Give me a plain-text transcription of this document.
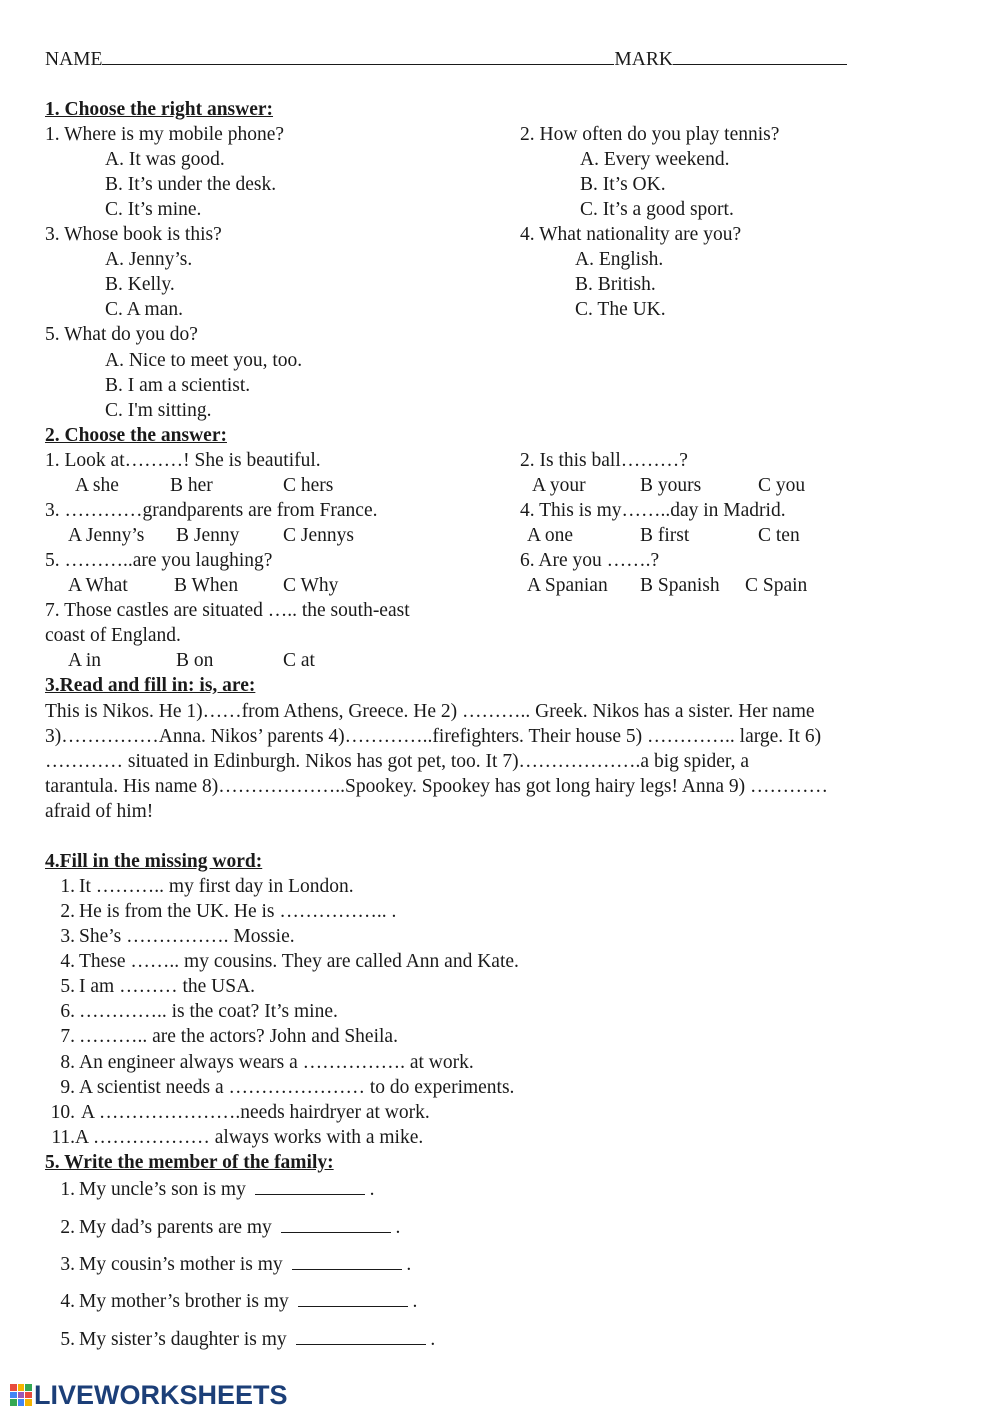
NAME	MARK
1. Choose the right answer:
1. Where is my mobile phone?
A. It was good.
B. It’s under the desk.
C. It’s mine.
2. How often do you play tennis?
A. Every weekend.
B. It’s OK.
C. It’s a good sport.
3. Whose book is this?
A. Jenny’s.
B. Kelly.
C. A man.
4. What nationality are you?
A. English.
B. British.
C. The UK.
5. What do you do?
A. Nice to meet you, too.
B. I am a scientist.
C. I'm sitting.
2. Choose the answer:
1. Look at………! She is beautiful.
A she	B her	C hers
2. Is this ball………?
A your	B yours	C you
3. …………grandparents are from France.
A Jenny’s B Jenny C Jennys
4. This is my……..day in Madrid.
A one	B first	C ten
5. ………..are you laughing?
A What B When C Why
6. Are you …….?
A Spanian B Spanish C Spain
7. Those castles are situated ….. the south-east
coast of England.
A in	B on	C at
3.Read and fill in: is, are:
This is Nikos. He 1)……from Athens, Greece. He 2) ……….. Greek. Nikos has a sister. Her name
3)……………Anna. Nikos’ parents 4)…………..firefighters. Their house 5) ………….. large. It 6)
………… situated in Edinburgh. Nikos has got pet, too. It 7)……………….a big spider, a
tarantula. His name 8)………………..Spookey. Spookey has got long hairy legs! Anna 9) …………
afraid of him!
4.Fill in the missing word:
1. It ……….. my first day in London.
2. He is from the UK. He is …………….. .
3. She’s ……………. Mossie.
4. These …….. my cousins. They are called Ann and Kate.
5. I am ……… the USA.
6. ………….. is the coat? It’s mine.
7. ……….. are the actors? John and Sheila.
8. An engineer always wears a ……………. at work.
9. A scientist needs a ………………… to do experiments.
10. A ………………….needs hairdryer at work.
11.A ……………… always works with a mike.
5. Write the member of the family:
1. My uncle’s son is my	.
2. My dad’s parents are my	.
3. My cousin’s mother is my	.
4. My mother’s brother is my	.
5. My sister’s daughter is my	.
LIVEWORKSHEETS
